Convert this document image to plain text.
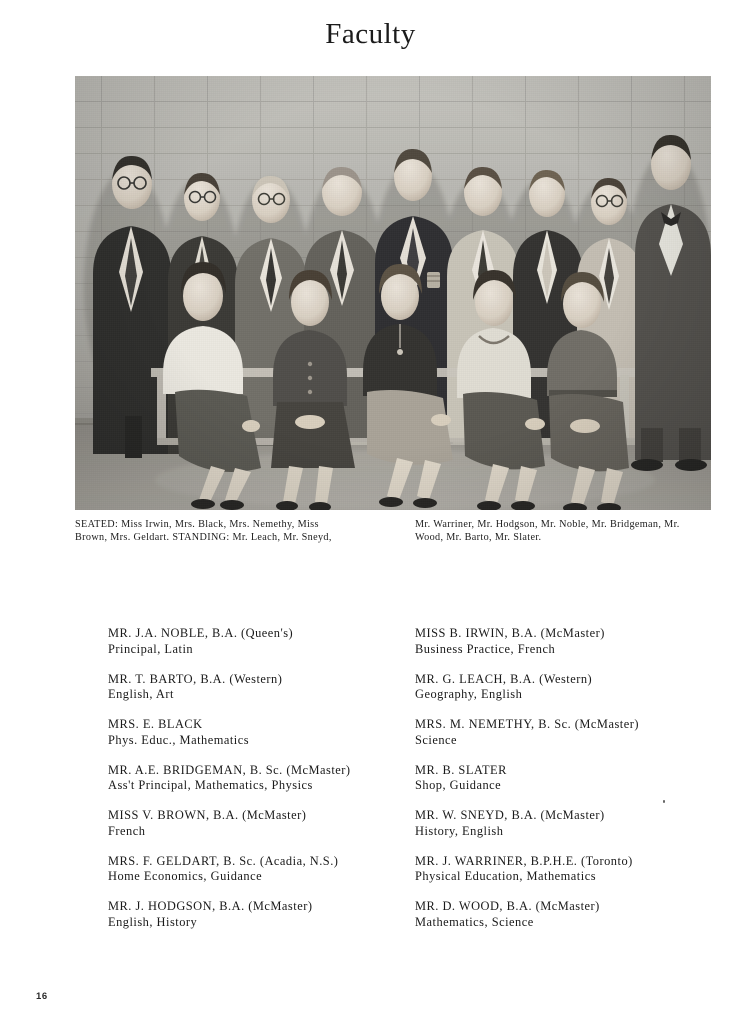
Faculty
SEATED: Miss Irwin, Mrs. Black, Mrs. Nemethy, Miss
Brown, Mrs. Geldart. STANDING: Mr. Leach, Mr. Sneyd,
Mr. Warriner, Mr. Hodgson, Mr. Noble, Mr. Bridgeman, Mr.
Wood, Mr. Barto, Mr. Slater.
MR. J.A. NOBLE, B.A. (Queen's)
Principal, Latin
MR. T. BARTO, B.A. (Western)
English, Art
MRS. E. BLACK
Phys. Educ., Mathematics
MR. A.E. BRIDGEMAN, B. Sc. (McMaster)
Ass't Principal, Mathematics, Physics
MISS V. BROWN, B.A. (McMaster)
French
MRS. F. GELDART, B. Sc. (Acadia, N.S.)
Home Economics, Guidance
MR. J. HODGSON, B.A. (McMaster)
English, History
MISS B. IRWIN, B.A. (McMaster)
Business Practice, French
MR. G. LEACH, B.A. (Western)
Geography, English
MRS. M. NEMETHY, B. Sc. (McMaster)
Science
MR. B. SLATER
Shop, Guidance
MR. W. SNEYD, B.A. (McMaster)
History, English
MR. J. WARRINER, B.P.H.E. (Toronto)
Physical Education, Mathematics
MR. D. WOOD, B.A. (McMaster)
Mathematics, Science
16
